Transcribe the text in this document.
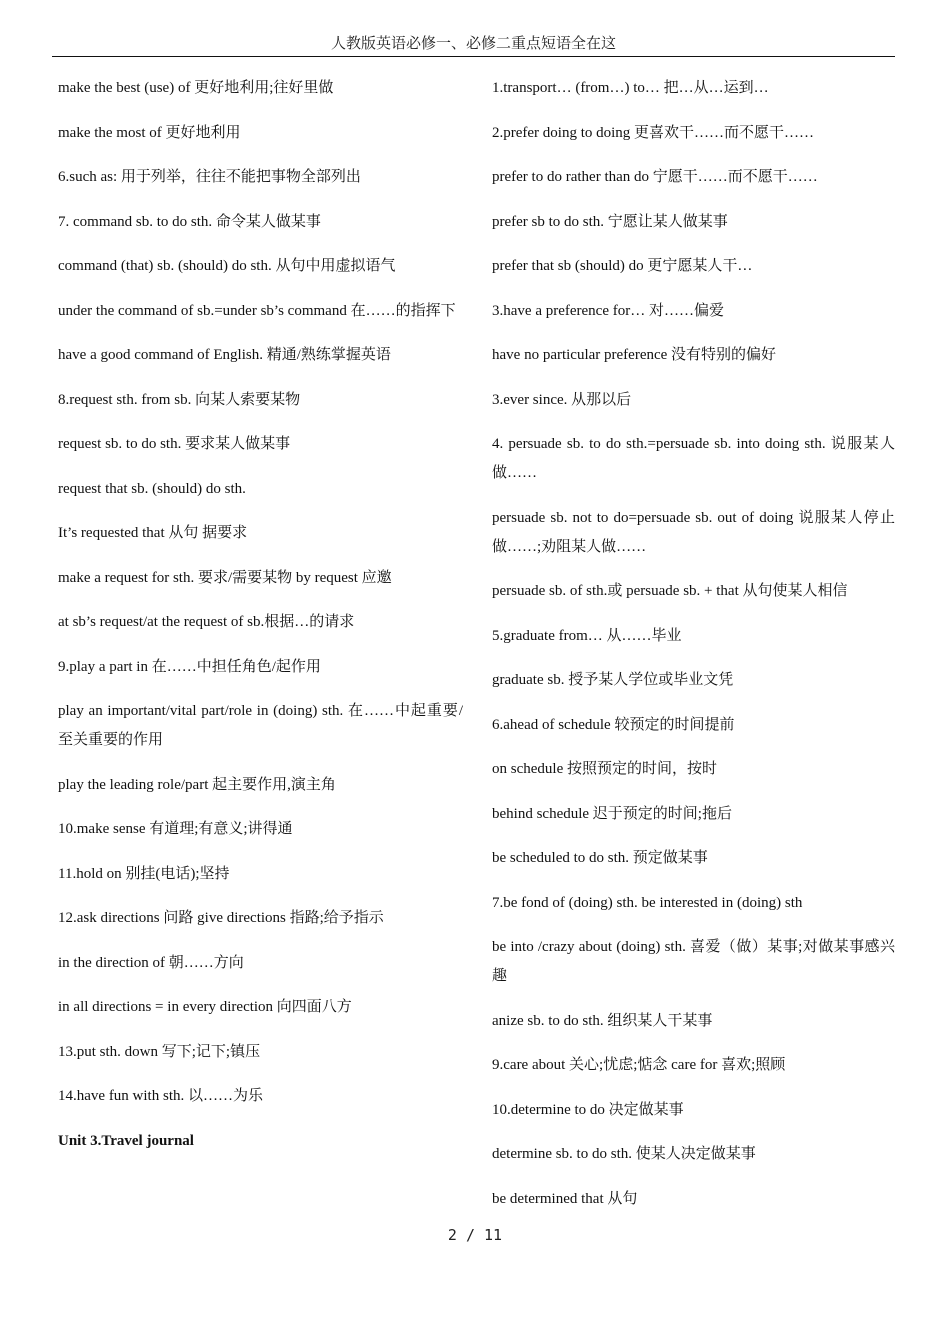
人教版英语必修一、必修二重点短语全在这

make the best (use) of 更好地利用;往好里做

make the most of 更好地利用

6.such as: 用于列举，往往不能把事物全部列出

7. command sb. to do sth. 命令某人做某事

command (that) sb. (should) do sth. 从句中用虚拟语气

under the command of sb.=under sb’s command 在……的指挥下

have a good command of English. 精通/熟练掌握英语

8.request sth. from sb. 向某人索要某物

request sb. to do sth. 要求某人做某事

request that sb. (should) do sth.

It’s requested that 从句 据要求

make a request for sth. 要求/需要某物 by request 应邀

at sb’s request/at the request of sb.根据…的请求

9.play a part in 在……中担任角色/起作用

play an important/vital part/role in (doing) sth. 在……中起重要/至关重要的作用

play the leading role/part 起主要作用,演主角

10.make sense 有道理;有意义;讲得通

11.hold on 别挂(电话);坚持

12.ask directions 问路 give directions 指路;给予指示

in the direction of 朝……方向

in all directions = in every direction 向四面八方

13.put sth. down 写下;记下;镇压

14.have fun with sth. 以……为乐

Unit 3.Travel journal

1.transport… (from…) to… 把…从…运到…

2.prefer doing to doing 更喜欢干……而不愿干……

prefer to do rather than do 宁愿干……而不愿干……

prefer sb to do sth. 宁愿让某人做某事

prefer that sb (should) do 更宁愿某人干…

3.have a preference for… 对……偏爱

have no particular preference 没有特别的偏好

3.ever since. 从那以后

4. persuade sb. to do sth.=persuade sb. into doing sth. 说服某人做……

persuade sb. not to do=persuade sb. out of doing 说服某人停止做……;劝阻某人做……

persuade sb. of sth.或 persuade sb. + that 从句使某人相信

5.graduate from… 从……毕业

graduate sb. 授予某人学位或毕业文凭

6.ahead of schedule 较预定的时间提前

on schedule 按照预定的时间，按时

behind schedule 迟于预定的时间;拖后

be scheduled to do sth. 预定做某事

7.be fond of (doing) sth. be interested in (doing) sth

be into /crazy about (doing) sth. 喜爱（做）某事;对做某事感兴趣

anize sb. to do sth. 组织某人干某事

9.care about 关心;忧虑;惦念 care for 喜欢;照顾

10.determine to do 决定做某事

determine sb. to do sth. 使某人决定做某事

be determined that 从句

2 / 11
